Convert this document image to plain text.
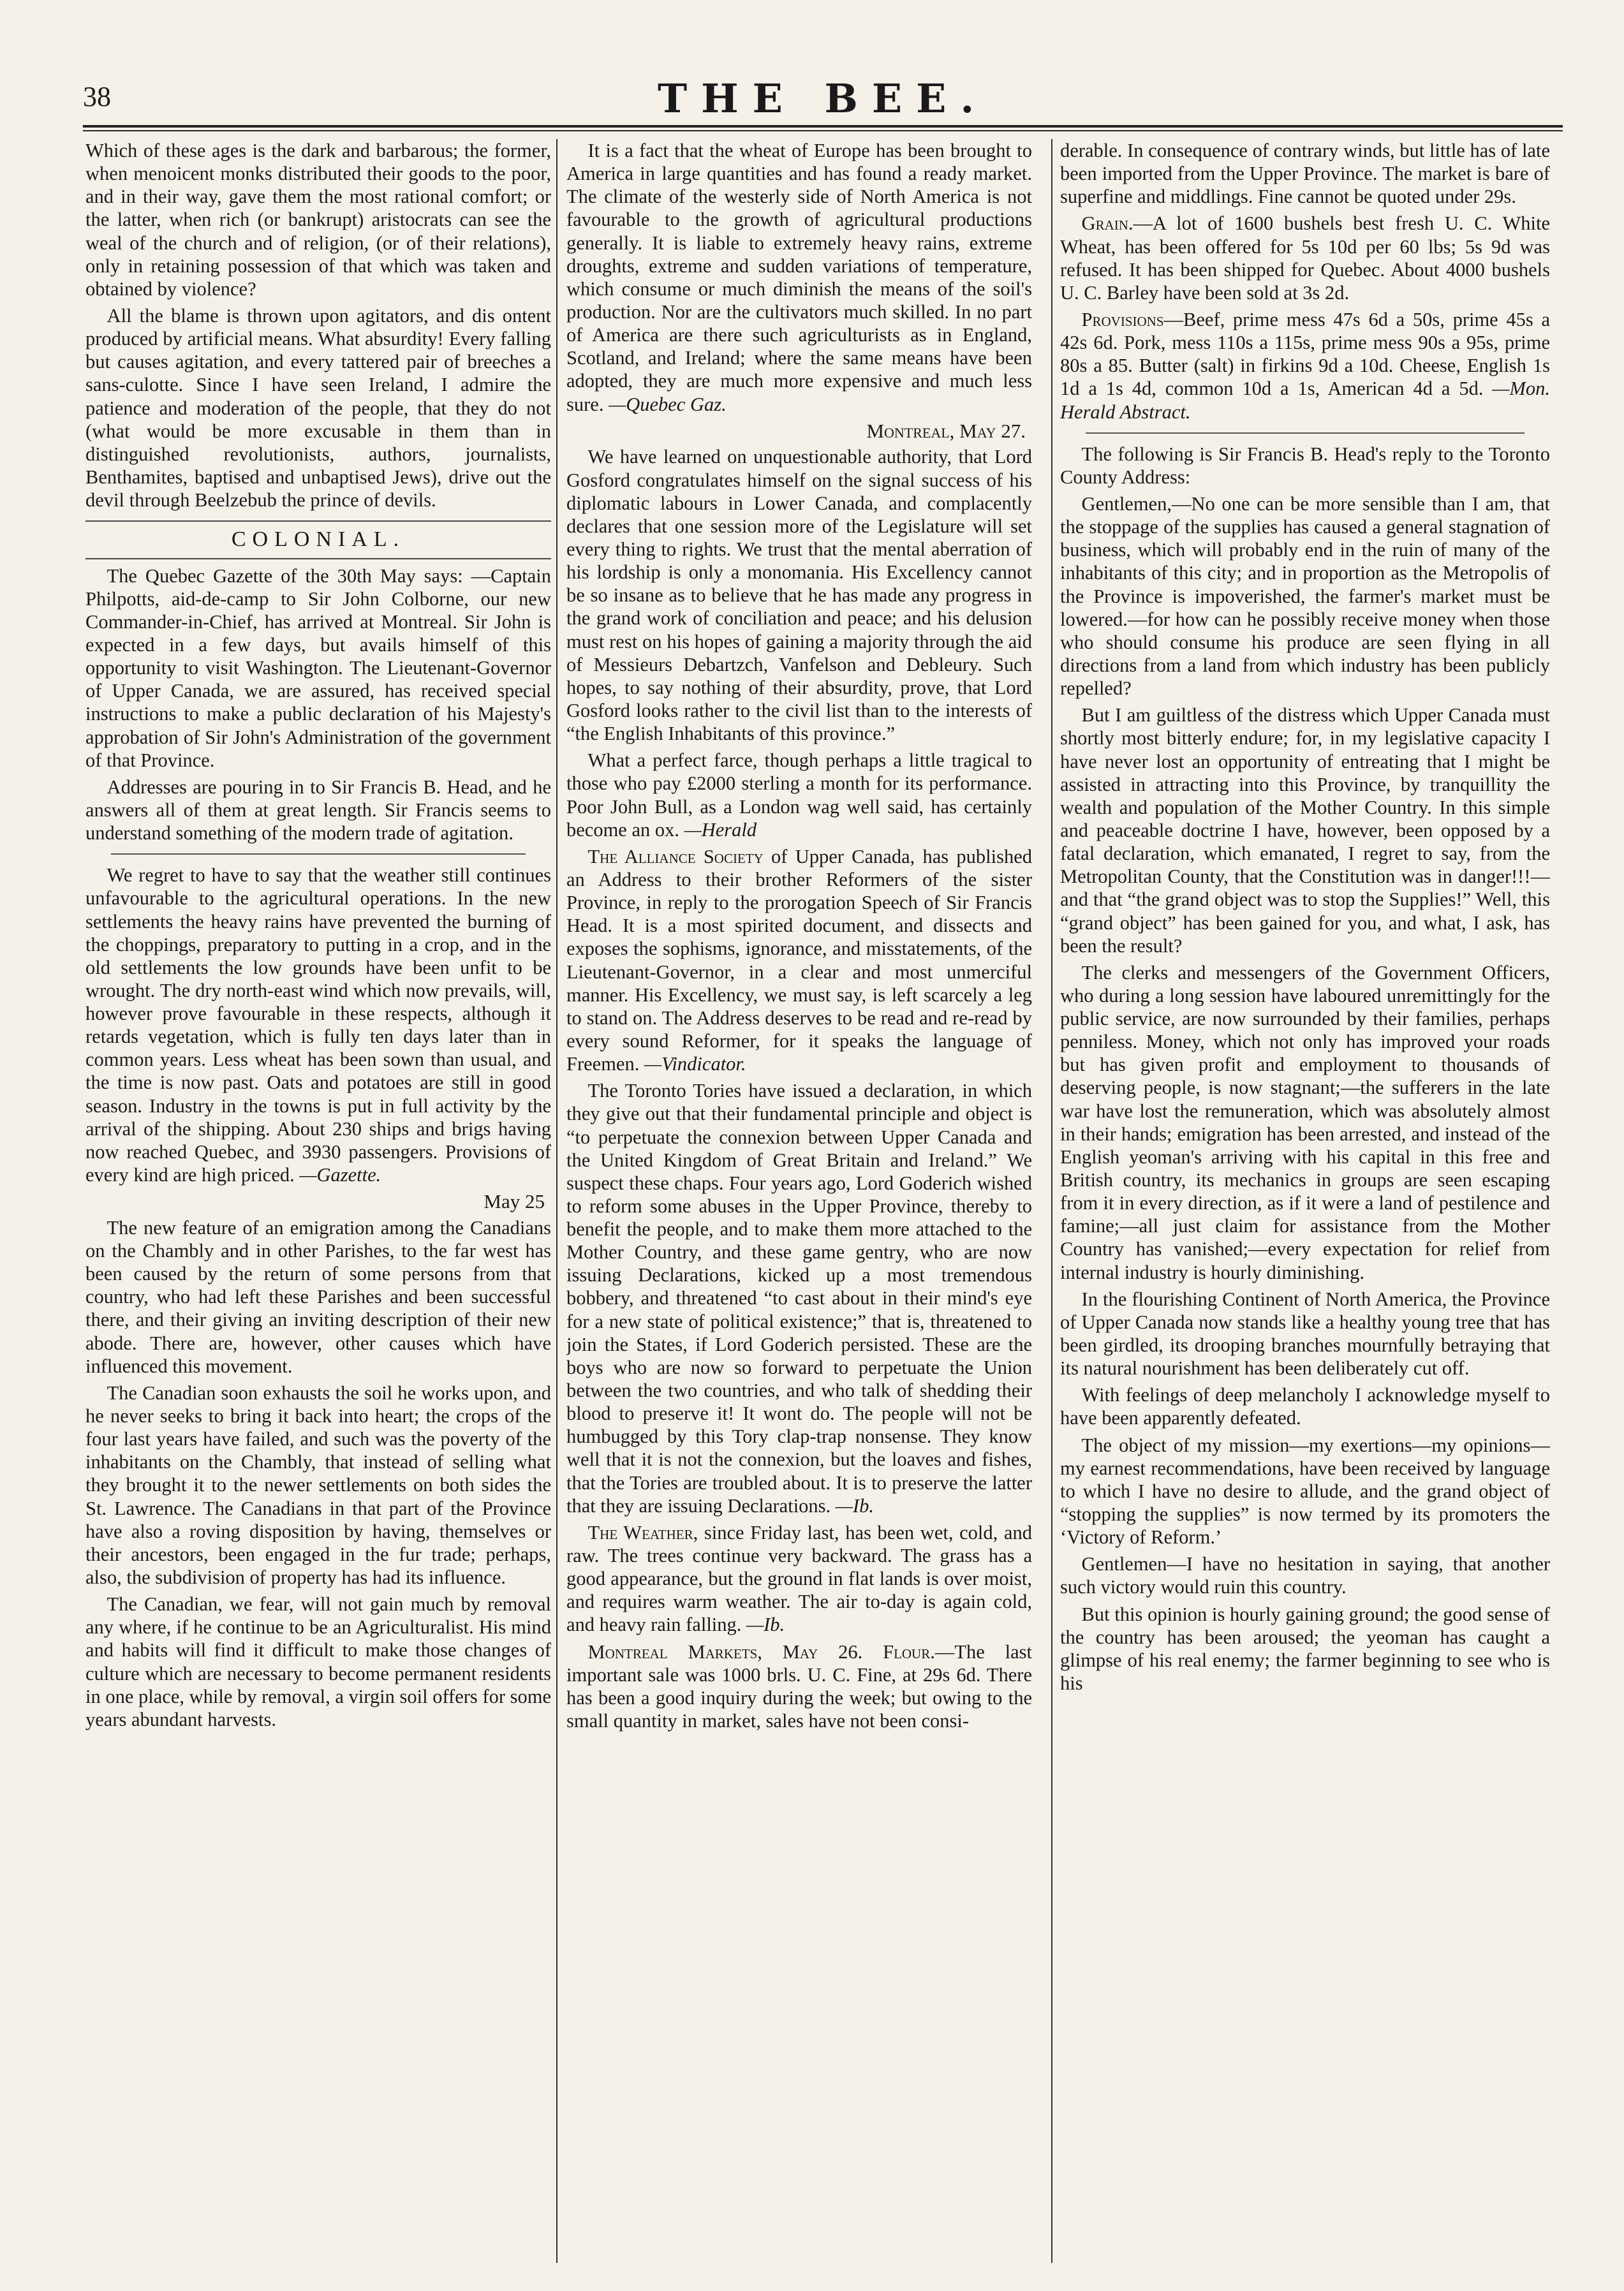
38	THE BEE.

Which of these ages is the dark and barbarous; the former, when menoicent monks distributed their goods to the poor, and in their way, gave them the most rational comfort; or the latter, when rich (or bankrupt) aristocrats can see the weal of the church and of religion, (or of their relations), only in retaining possession of that which was taken and obtained by violence?

All the blame is thrown upon agitators, and dis ontent produced by artificial means. What absurdity! Every falling but causes agitation, and every tattered pair of breeches a sans-culotte. Since I have seen Ireland, I admire the patience and moderation of the people, that they do not (what would be more excusable in them than in distinguished revolutionists, authors, journalists, Benthamites, baptised and unbaptised Jews), drive out the devil through Beelzebub the prince of devils.

COLONIAL.

The Quebec Gazette of the 30th May says: —Captain Philpotts, aid-de-camp to Sir John Colborne, our new Commander-in-Chief, has arrived at Montreal. Sir John is expected in a few days, but avails himself of this opportunity to visit Washington. The Lieutenant-Governor of Upper Canada, we are assured, has received special instructions to make a public declaration of his Majesty's approbation of Sir John's Administration of the government of that Province.

Addresses are pouring in to Sir Francis B. Head, and he answers all of them at great length. Sir Francis seems to understand something of the modern trade of agitation.

We regret to have to say that the weather still continues unfavourable to the agricultural operations. In the new settlements the heavy rains have prevented the burning of the choppings, preparatory to putting in a crop, and in the old settlements the low grounds have been unfit to be wrought. The dry north-east wind which now prevails, will, however prove favourable in these respects, although it retards vegetation, which is fully ten days later than in common years. Less wheat has been sown than usual, and the time is now past. Oats and potatoes are still in good season. Industry in the towns is put in full activity by the arrival of the shipping. About 230 ships and brigs having now reached Quebec, and 3930 passengers. Provisions of every kind are high priced. —Gazette.

May 25

The new feature of an emigration among the Canadians on the Chambly and in other Parishes, to the far west has been caused by the return of some persons from that country, who had left these Parishes and been successful there, and their giving an inviting description of their new abode. There are, however, other causes which have influenced this movement.

The Canadian soon exhausts the soil he works upon, and he never seeks to bring it back into heart; the crops of the four last years have failed, and such was the poverty of the inhabitants on the Chambly, that instead of selling what they brought it to the newer settlements on both sides the St. Lawrence. The Canadians in that part of the Province have also a roving disposition by having, themselves or their ancestors, been engaged in the fur trade; perhaps, also, the subdivision of property has had its influence.

The Canadian, we fear, will not gain much by removal any where, if he continue to be an Agriculturalist. His mind and habits will find it difficult to make those changes of culture which are necessary to become permanent residents in one place, while by removal, a virgin soil offers for some years abundant harvests.

It is a fact that the wheat of Europe has been brought to America in large quantities and has found a ready market. The climate of the westerly side of North America is not favourable to the growth of agricultural productions generally. It is liable to extremely heavy rains, extreme droughts, extreme and sudden variations of temperature, which consume or much diminish the means of the soil's production. Nor are the cultivators much skilled. In no part of America are there such agriculturists as in England, Scotland, and Ireland; where the same means have been adopted, they are much more expensive and much less sure. —Quebec Gaz.

Montreal, May 27.

We have learned on unquestionable authority, that Lord Gosford congratulates himself on the signal success of his diplomatic labours in Lower Canada, and complacently declares that one session more of the Legislature will set every thing to rights. We trust that the mental aberration of his lordship is only a monomania. His Excellency cannot be so insane as to believe that he has made any progress in the grand work of conciliation and peace; and his delusion must rest on his hopes of gaining a majority through the aid of Messieurs Debartzch, Vanfelson and Debleury. Such hopes, to say nothing of their absurdity, prove, that Lord Gosford looks rather to the civil list than to the interests of “the English Inhabitants of this province.”

What a perfect farce, though perhaps a little tragical to those who pay £2000 sterling a month for its performance. Poor John Bull, as a London wag well said, has certainly become an ox. —Herald

The Alliance Society of Upper Canada, has published an Address to their brother Reformers of the sister Province, in reply to the prorogation Speech of Sir Francis Head. It is a most spirited document, and dissects and exposes the sophisms, ignorance, and misstatements, of the Lieutenant-Governor, in a clear and most unmerciful manner. His Excellency, we must say, is left scarcely a leg to stand on. The Address deserves to be read and re-read by every sound Reformer, for it speaks the language of Freemen. —Vindicator.

The Toronto Tories have issued a declaration, in which they give out that their fundamental principle and object is “to perpetuate the connexion between Upper Canada and the United Kingdom of Great Britain and Ireland.” We suspect these chaps. Four years ago, Lord Goderich wished to reform some abuses in the Upper Province, thereby to benefit the people, and to make them more attached to the Mother Country, and these game gentry, who are now issuing Declarations, kicked up a most tremendous bobbery, and threatened “to cast about in their mind's eye for a new state of political existence;” that is, threatened to join the States, if Lord Goderich persisted. These are the boys who are now so forward to perpetuate the Union between the two countries, and who talk of shedding their blood to preserve it! It wont do. The people will not be humbugged by this Tory clap-trap nonsense. They know well that it is not the connexion, but the loaves and fishes, that the Tories are troubled about. It is to preserve the latter that they are issuing Declarations. —Ib.

The Weather, since Friday last, has been wet, cold, and raw. The trees continue very backward. The grass has a good appearance, but the ground in flat lands is over moist, and requires warm weather. The air to-day is again cold, and heavy rain falling. —Ib.

Montreal Markets, May 26. Flour.—The last important sale was 1000 brls. U. C. Fine, at 29s 6d. There has been a good inquiry during the week; but owing to the small quantity in market, sales have not been consi-

derable. In consequence of contrary winds, but little has of late been imported from the Upper Province. The market is bare of superfine and middlings. Fine cannot be quoted under 29s.

Grain.—A lot of 1600 bushels best fresh U. C. White Wheat, has been offered for 5s 10d per 60 lbs; 5s 9d was refused. It has been shipped for Quebec. About 4000 bushels U. C. Barley have been sold at 3s 2d.

Provisions—Beef, prime mess 47s 6d a 50s, prime 45s a 42s 6d. Pork, mess 110s a 115s, prime mess 90s a 95s, prime 80s a 85. Butter (salt) in firkins 9d a 10d. Cheese, English 1s 1d a 1s 4d, common 10d a 1s, American 4d a 5d. —Mon. Herald Abstract.

The following is Sir Francis B. Head's reply to the Toronto County Address:

Gentlemen,—No one can be more sensible than I am, that the stoppage of the supplies has caused a general stagnation of business, which will probably end in the ruin of many of the inhabitants of this city; and in proportion as the Metropolis of the Province is impoverished, the farmer's market must be lowered.—for how can he possibly receive money when those who should consume his produce are seen flying in all directions from a land from which industry has been publicly repelled?

But I am guiltless of the distress which Upper Canada must shortly most bitterly endure; for, in my legislative capacity I have never lost an opportunity of entreating that I might be assisted in attracting into this Province, by tranquillity the wealth and population of the Mother Country. In this simple and peaceable doctrine I have, however, been opposed by a fatal declaration, which emanated, I regret to say, from the Metropolitan County, that the Constitution was in danger!!!—and that “the grand object was to stop the Supplies!” Well, this “grand object” has been gained for you, and what, I ask, has been the result?

The clerks and messengers of the Government Officers, who during a long session have laboured unremittingly for the public service, are now surrounded by their families, perhaps penniless. Money, which not only has improved your roads but has given profit and employment to thousands of deserving people, is now stagnant;—the sufferers in the late war have lost the remuneration, which was absolutely almost in their hands; emigration has been arrested, and instead of the English yeoman's arriving with his capital in this free and British country, its mechanics in groups are seen escaping from it in every direction, as if it were a land of pestilence and famine;—all just claim for assistance from the Mother Country has vanished;—every expectation for relief from internal industry is hourly diminishing.

In the flourishing Continent of North America, the Province of Upper Canada now stands like a healthy young tree that has been girdled, its drooping branches mournfully betraying that its natural nourishment has been deliberately cut off.

With feelings of deep melancholy I acknowledge myself to have been apparently defeated.

The object of my mission—my exertions—my opinions—my earnest recommendations, have been received by language to which I have no desire to allude, and the grand object of “stopping the supplies” is now termed by its promoters the ‘Victory of Reform.’

Gentlemen—I have no hesitation in saying, that another such victory would ruin this country.

But this opinion is hourly gaining ground; the good sense of the country has been aroused; the yeoman has caught a glimpse of his real enemy; the farmer beginning to see who is his
